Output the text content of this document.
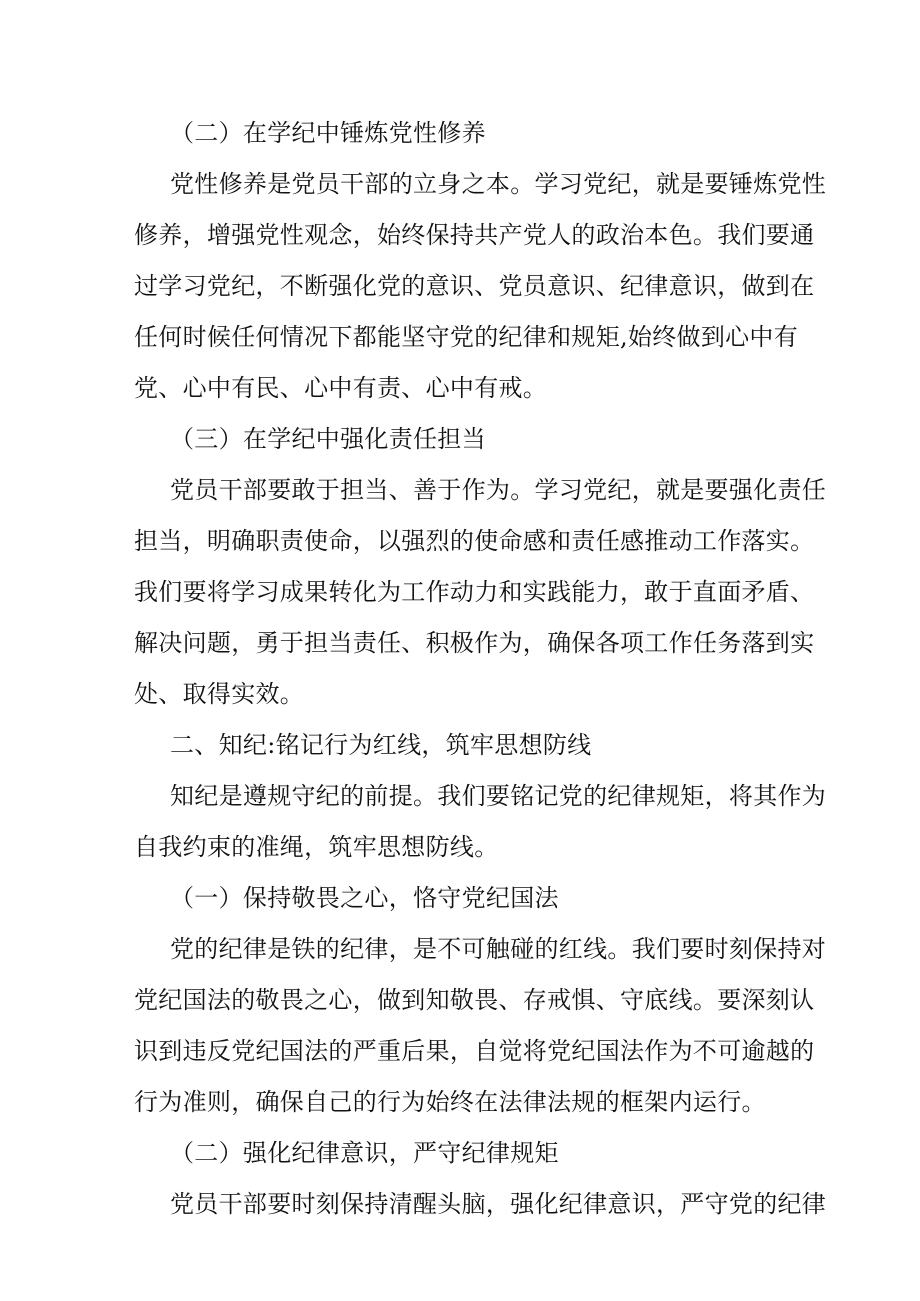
（二）在学纪中锤炼党性修养
党性修养是党员干部的立身之本。学习党纪，就是要锤炼党性
修养，增强党性观念，始终保持共产党人的政治本色。我们要通
过学习党纪，不断强化党的意识、党员意识、纪律意识，做到在
任何时候任何情况下都能坚守党的纪律和规矩,始终做到心中有
党、心中有民、心中有责、心中有戒。
（三）在学纪中强化责任担当
党员干部要敢于担当、善于作为。学习党纪，就是要强化责任
担当，明确职责使命，以强烈的使命感和责任感推动工作落实。
我们要将学习成果转化为工作动力和实践能力，敢于直面矛盾、
解决问题，勇于担当责任、积极作为，确保各项工作任务落到实
处、取得实效。
二、知纪:铭记行为红线，筑牢思想防线
知纪是遵规守纪的前提。我们要铭记党的纪律规矩，将其作为
自我约束的准绳，筑牢思想防线。
（一）保持敬畏之心，恪守党纪国法
党的纪律是铁的纪律，是不可触碰的红线。我们要时刻保持对
党纪国法的敬畏之心，做到知敬畏、存戒惧、守底线。要深刻认
识到违反党纪国法的严重后果，自觉将党纪国法作为不可逾越的
行为准则，确保自己的行为始终在法律法规的框架内运行。
（二）强化纪律意识，严守纪律规矩
党员干部要时刻保持清醒头脑，强化纪律意识，严守党的纪律
